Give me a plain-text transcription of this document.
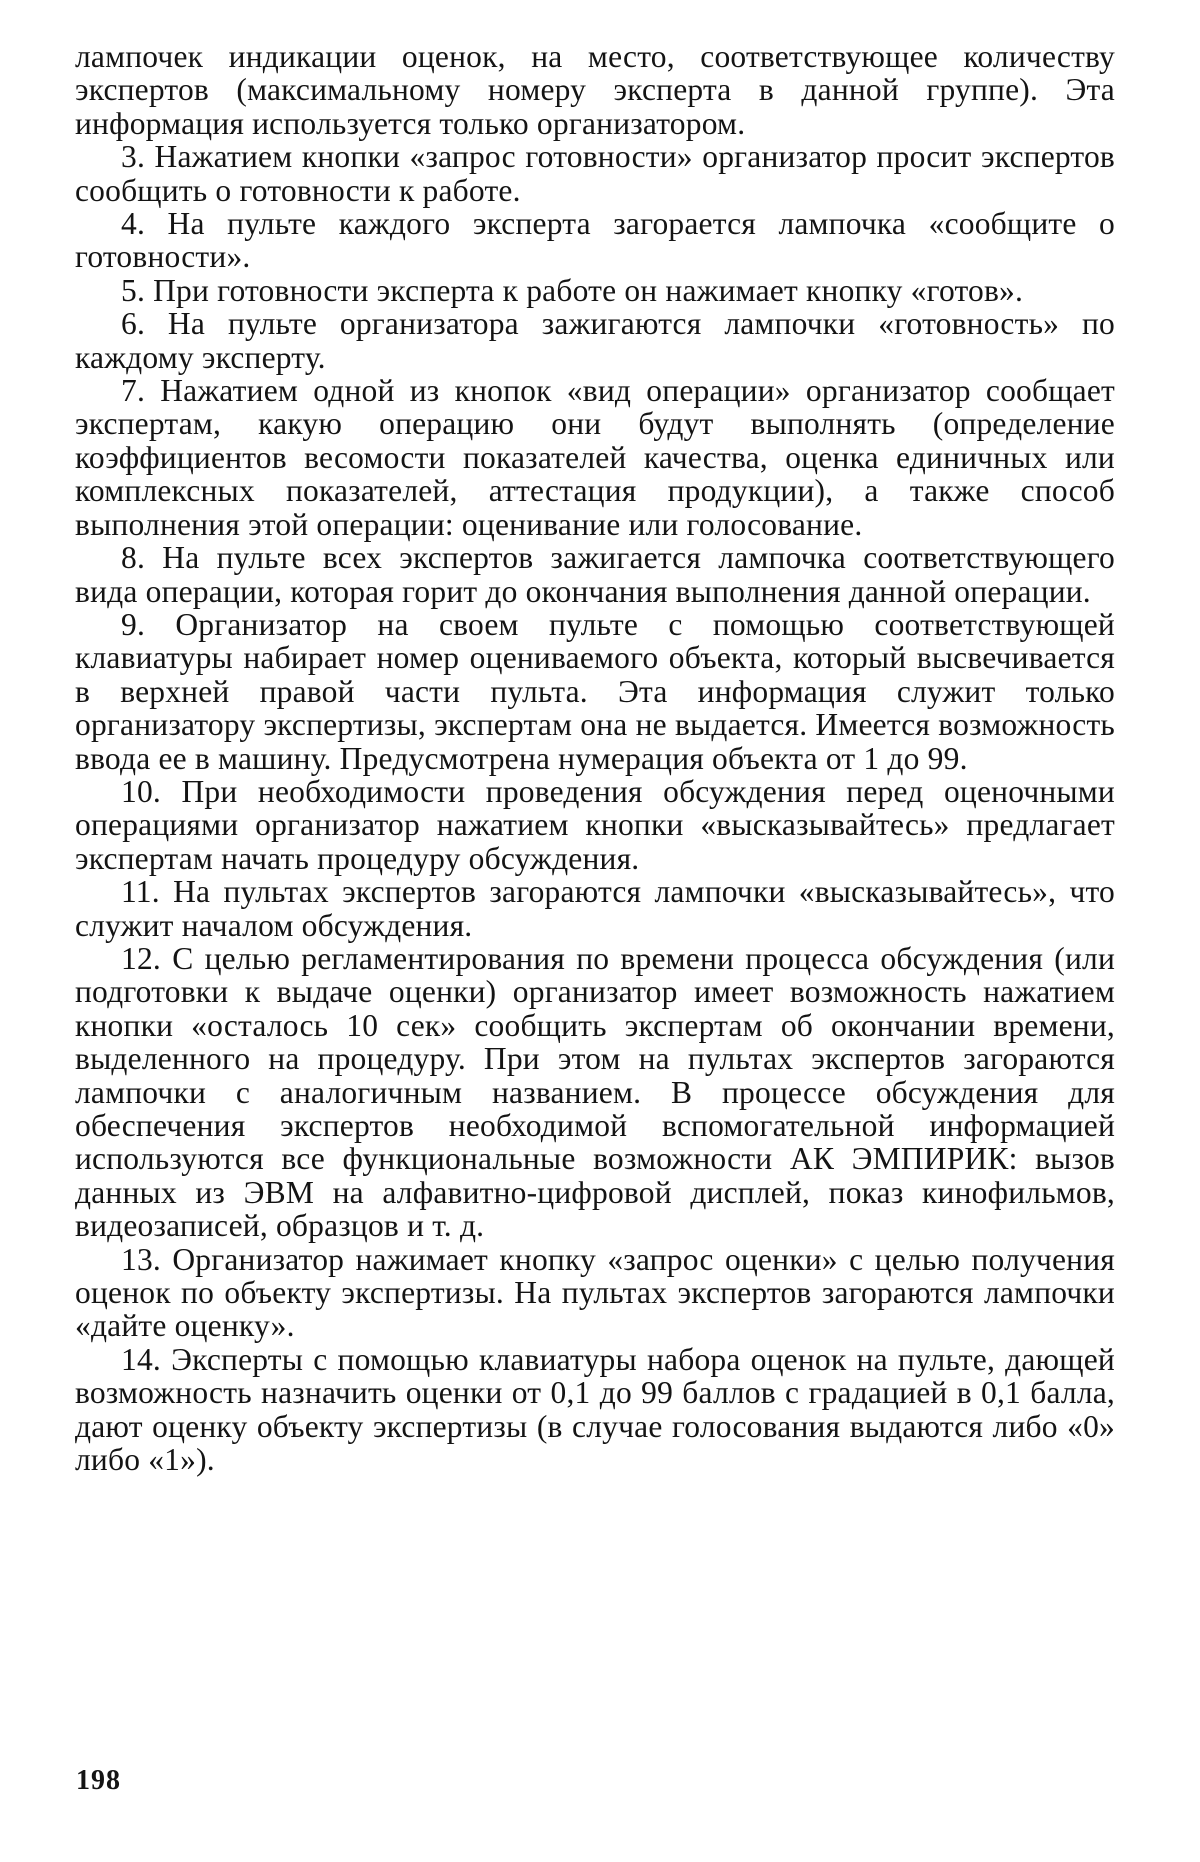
лампочек индикации оценок, на место, соответствующее количеству экспертов (максимальному номеру эксперта в данной группе). Эта информация используется только организатором.

3. Нажатием кнопки «запрос готовности» организатор просит экспертов сообщить о готовности к работе.

4. На пульте каждого эксперта загорается лампочка «сообщите о готовности».

5. При готовности эксперта к работе он нажимает кнопку «готов».

6. На пульте организатора зажигаются лампочки «готовность» по каждому эксперту.

7. Нажатием одной из кнопок «вид операции» организатор сообщает экспертам, какую операцию они будут выполнять (определение коэффициентов весомости показателей качества, оценка единичных или комплексных показателей, аттестация продукции), а также способ выполнения этой операции: оценивание или голосование.

8. На пульте всех экспертов зажигается лампочка соответствующего вида операции, которая горит до окончания выполнения данной операции.

9. Организатор на своем пульте с помощью соответствующей клавиатуры набирает номер оцениваемого объекта, который высвечивается в верхней правой части пульта. Эта информация служит только организатору экспертизы, экспертам она не выдается. Имеется возможность ввода ее в машину. Предусмотрена нумерация объекта от 1 до 99.

10. При необходимости проведения обсуждения перед оценочными операциями организатор нажатием кнопки «высказывайтесь» предлагает экспертам начать процедуру обсуждения.

11. На пультах экспертов загораются лампочки «высказывайтесь», что служит началом обсуждения.

12. С целью регламентирования по времени процесса обсуждения (или подготовки к выдаче оценки) организатор имеет возможность нажатием кнопки «осталось 10 сек» сообщить экспертам об окончании времени, выделенного на процедуру. При этом на пультах экспертов загораются лампочки с аналогичным названием. В процессе обсуждения для обеспечения экспертов необходимой вспомогательной информацией используются все функциональные возможности АК ЭМПИРИК: вызов данных из ЭВМ на алфавитно-цифровой дисплей, показ кинофильмов, видеозаписей, образцов и т. д.

13. Организатор нажимает кнопку «запрос оценки» с целью получения оценок по объекту экспертизы. На пультах экспертов загораются лампочки «дайте оценку».

14. Эксперты с помощью клавиатуры набора оценок на пульте, дающей возможность назначить оценки от 0,1 до 99 баллов с градацией в 0,1 балла, дают оценку объекту экспертизы (в случае голосования выдаются либо «0» либо «1»).

198
